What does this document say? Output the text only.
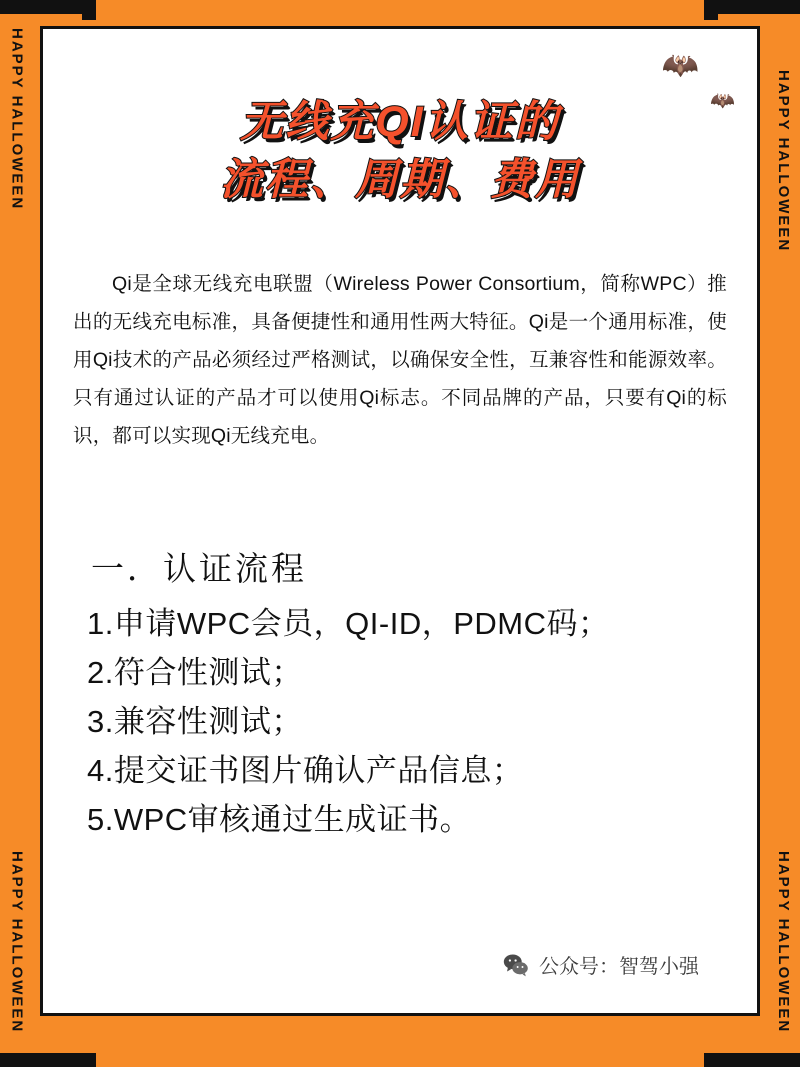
HAPPY HALLOWEEN
HAPPY HALLOWEEN
HAPPY HALLOWEEN
HAPPY HALLOWEEN
🦇
🦇
无线充QI认证的
流程、周期、费用

Qi是全球无线充电联盟（Wireless Power Consortium，简称WPC）推出的无线充电标准，具备便捷性和通用性两大特征。Qi是一个通用标准，使用Qi技术的产品必须经过严格测试，以确保安全性，互兼容性和能源效率。只有通过认证的产品才可以使用Qi标志。不同品牌的产品，只要有Qi的标识，都可以实现Qi无线充电。

一．认证流程
1.申请WPC会员，QI-ID，PDMC码；
2.符合性测试；
3.兼容性测试；
4.提交证书图片确认产品信息；
5.WPC审核通过生成证书。
公众号：智驾小强
